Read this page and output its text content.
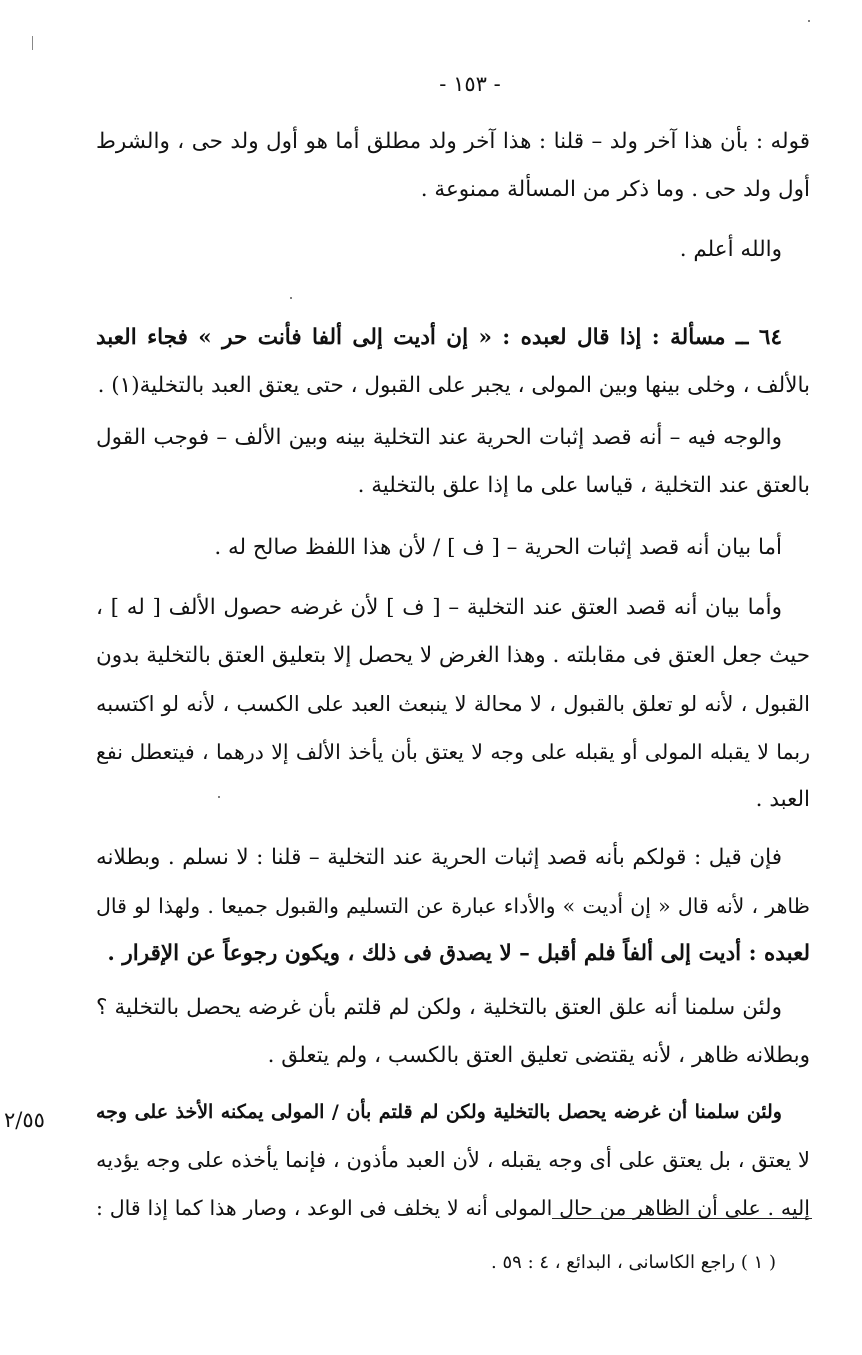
- ١٥٣ -
قوله : بأن هذا آخر ولد – قلنا : هذا آخر ولد مطلق أما هو أول ولد حى ، والشرط
أول ولد حى . وما ذكر من المسألة ممنوعة .
والله أعلم .
٦٤ ــ مسألة : إذا قال لعبده : « إن أديت إلى ألفا فأنت حر » فجاء العبد
بالألف ، وخلى بينها وبين المولى ، يجبر على القبول ، حتى يعتق العبد بالتخلية(١) .
والوجه فيه – أنه قصد إثبات الحرية عند التخلية بينه وبين الألف – فوجب القول
بالعتق عند التخلية ، قياسا على ما إذا علق بالتخلية .
أما بيان أنه قصد إثبات الحرية – [ ف ] / لأن هذا اللفظ صالح له .
وأما بيان أنه قصد العتق عند التخلية – [ ف ] لأن غرضه حصول الألف [ له ] ،
حيث جعل العتق فى مقابلته . وهذا الغرض لا يحصل إلا بتعليق العتق بالتخلية بدون
القبول ، لأنه لو تعلق بالقبول ، لا محالة لا ينبعث العبد على الكسب ، لأنه لو اكتسبه
ربما لا يقبله المولى أو يقبله على وجه لا يعتق بأن يأخذ الألف إلا درهما ، فيتعطل نفع
العبد .
فإن قيل : قولكم بأنه قصد إثبات الحرية عند التخلية – قلنا : لا نسلم . وبطلانه
ظاهر ، لأنه قال « إن أديت » والأداء عبارة عن التسليم والقبول جميعا . ولهذا لو قال
لعبده : أديت إلى ألفاً فلم أقبل – لا يصدق فى ذلك ، ويكون رجوعاً عن الإقرار .
ولئن سلمنا أنه علق العتق بالتخلية ، ولكن لم قلتم بأن غرضه يحصل بالتخلية ؟
وبطلانه ظاهر ، لأنه يقتضى تعليق العتق بالكسب ، ولم يتعلق .
ولئن سلمنا أن غرضه يحصل بالتخلية ولكن لم قلتم بأن / المولى يمكنه الأخذ على وجه
لا يعتق ، بل يعتق على أى وجه يقبله ، لأن العبد مأذون ، فإنما يأخذه على وجه يؤديه
إليه . على أن الظاهر من حال المولى أنه لا يخلف فى الوعد ، وصار هذا كما إذا قال :
٢/٥٥
( ١ ) راجع الكاسانى ، البدائع ، ٤ : ٥٩ .
